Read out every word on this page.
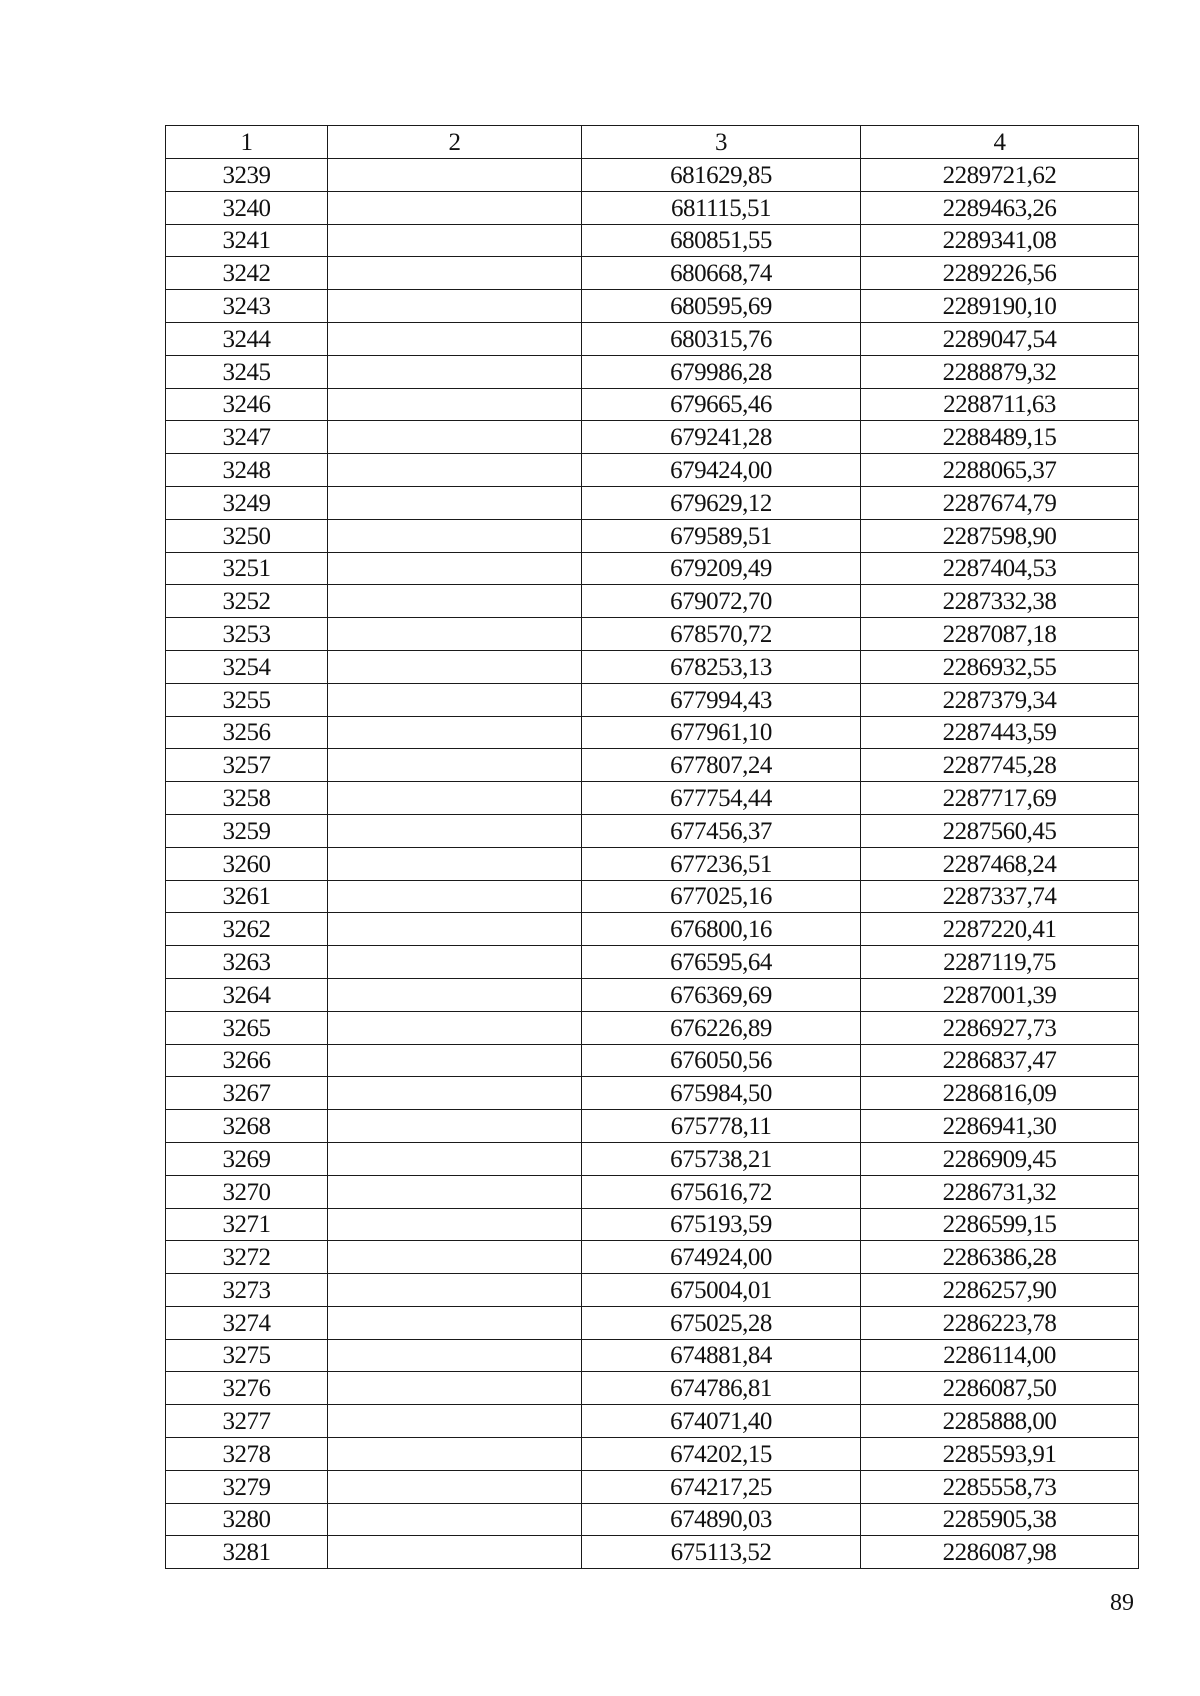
1	2	3	4
3239		681629,85	2289721,62
3240		681115,51	2289463,26
3241		680851,55	2289341,08
3242		680668,74	2289226,56
3243		680595,69	2289190,10
3244		680315,76	2289047,54
3245		679986,28	2288879,32
3246		679665,46	2288711,63
3247		679241,28	2288489,15
3248		679424,00	2288065,37
3249		679629,12	2287674,79
3250		679589,51	2287598,90
3251		679209,49	2287404,53
3252		679072,70	2287332,38
3253		678570,72	2287087,18
3254		678253,13	2286932,55
3255		677994,43	2287379,34
3256		677961,10	2287443,59
3257		677807,24	2287745,28
3258		677754,44	2287717,69
3259		677456,37	2287560,45
3260		677236,51	2287468,24
3261		677025,16	2287337,74
3262		676800,16	2287220,41
3263		676595,64	2287119,75
3264		676369,69	2287001,39
3265		676226,89	2286927,73
3266		676050,56	2286837,47
3267		675984,50	2286816,09
3268		675778,11	2286941,30
3269		675738,21	2286909,45
3270		675616,72	2286731,32
3271		675193,59	2286599,15
3272		674924,00	2286386,28
3273		675004,01	2286257,90
3274		675025,28	2286223,78
3275		674881,84	2286114,00
3276		674786,81	2286087,50
3277		674071,40	2285888,00
3278		674202,15	2285593,91
3279		674217,25	2285558,73
3280		674890,03	2285905,38
3281		675113,52	2286087,98
89
